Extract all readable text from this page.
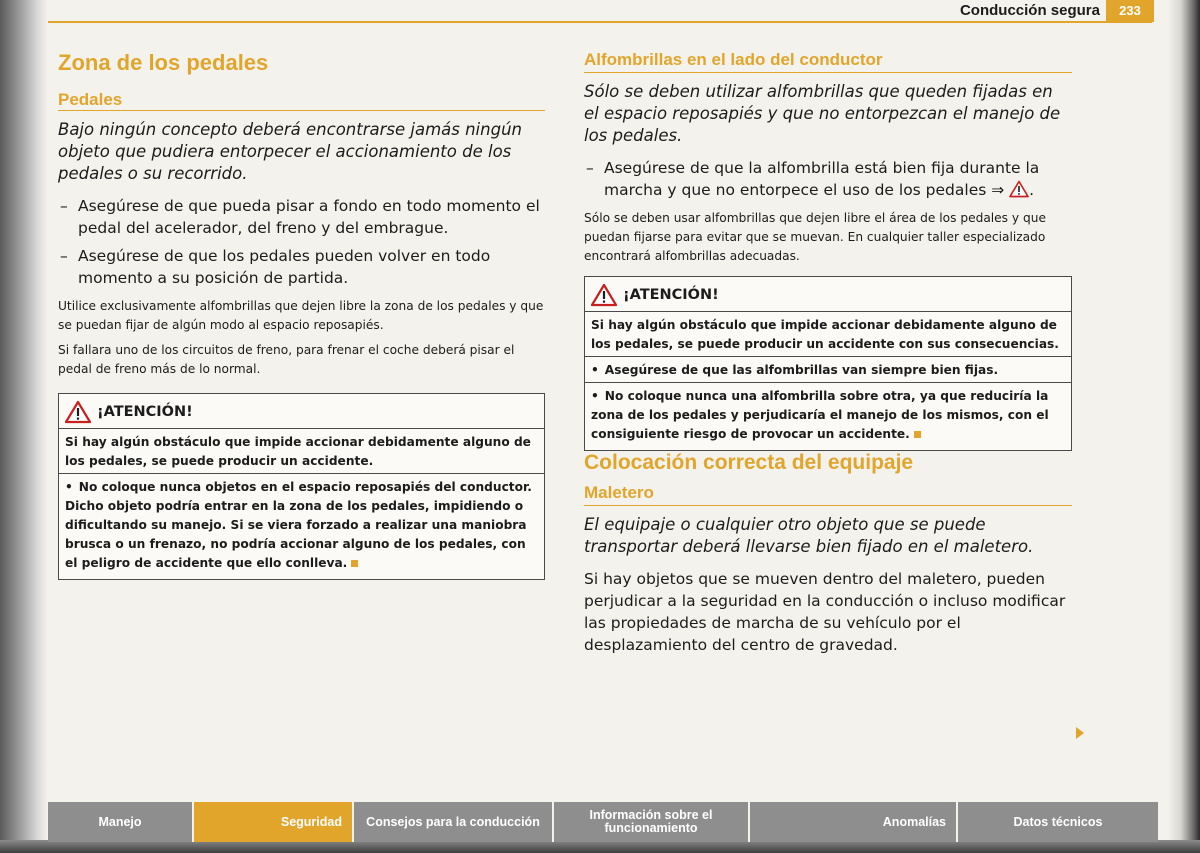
Conducción segura	233
Zona de los pedales
Pedales

Bajo ningún concepto deberá encontrarse jamás ningún objeto que pudiera entorpecer el accionamiento de los pedales o su recorrido.

– Asegúrese de que pueda pisar a fondo en todo momento el pedal del acelerador, del freno y del embrague.
– Asegúrese de que los pedales pueden volver en todo momento a su posición de partida.

Utilice exclusivamente alfombrillas que dejen libre la zona de los pedales y que se puedan fijar de algún modo al espacio reposapiés.

Si fallara uno de los circuitos de freno, para frenar el coche deberá pisar el pedal de freno más de lo normal.

¡ATENCIÓN!

Si hay algún obstáculo que impide accionar debidamente alguno de los pedales, se puede producir un accidente.

• No coloque nunca objetos en el espacio reposapiés del conductor. Dicho objeto podría entrar en la zona de los pedales, impidiendo o dificultando su manejo. Si se viera forzado a realizar una maniobra brusca o un frenazo, no podría accionar alguno de los pedales, con el peligro de accidente que ello conlleva.

Alfombrillas en el lado del conductor

Sólo se deben utilizar alfombrillas que queden fijadas en el espacio reposapiés y que no entorpezcan el manejo de los pedales.

– Asegúrese de que la alfombrilla está bien fija durante la marcha y que no entorpece el uso de los pedales ⇒ .

Sólo se deben usar alfombrillas que dejen libre el área de los pedales y que puedan fijarse para evitar que se muevan. En cualquier taller especializado encontrará alfombrillas adecuadas.

¡ATENCIÓN!

Si hay algún obstáculo que impide accionar debidamente alguno de los pedales, se puede producir un accidente con sus consecuencias.

• Asegúrese de que las alfombrillas van siempre bien fijas.

• No coloque nunca una alfombrilla sobre otra, ya que reduciría la zona de los pedales y perjudicaría el manejo de los mismos, con el consiguiente riesgo de provocar un accidente.

Colocación correcta del equipaje
Maletero

El equipaje o cualquier otro objeto que se puede transportar deberá llevarse bien fijado en el maletero.

Si hay objetos que se mueven dentro del maletero, pueden perjudicar a la seguridad en la conducción o incluso modificar las propiedades de marcha de su vehículo por el desplazamiento del centro de gravedad.

Manejo	Seguridad	Consejos para la conducción	Información sobre el funcionamiento	Anomalías	Datos técnicos
